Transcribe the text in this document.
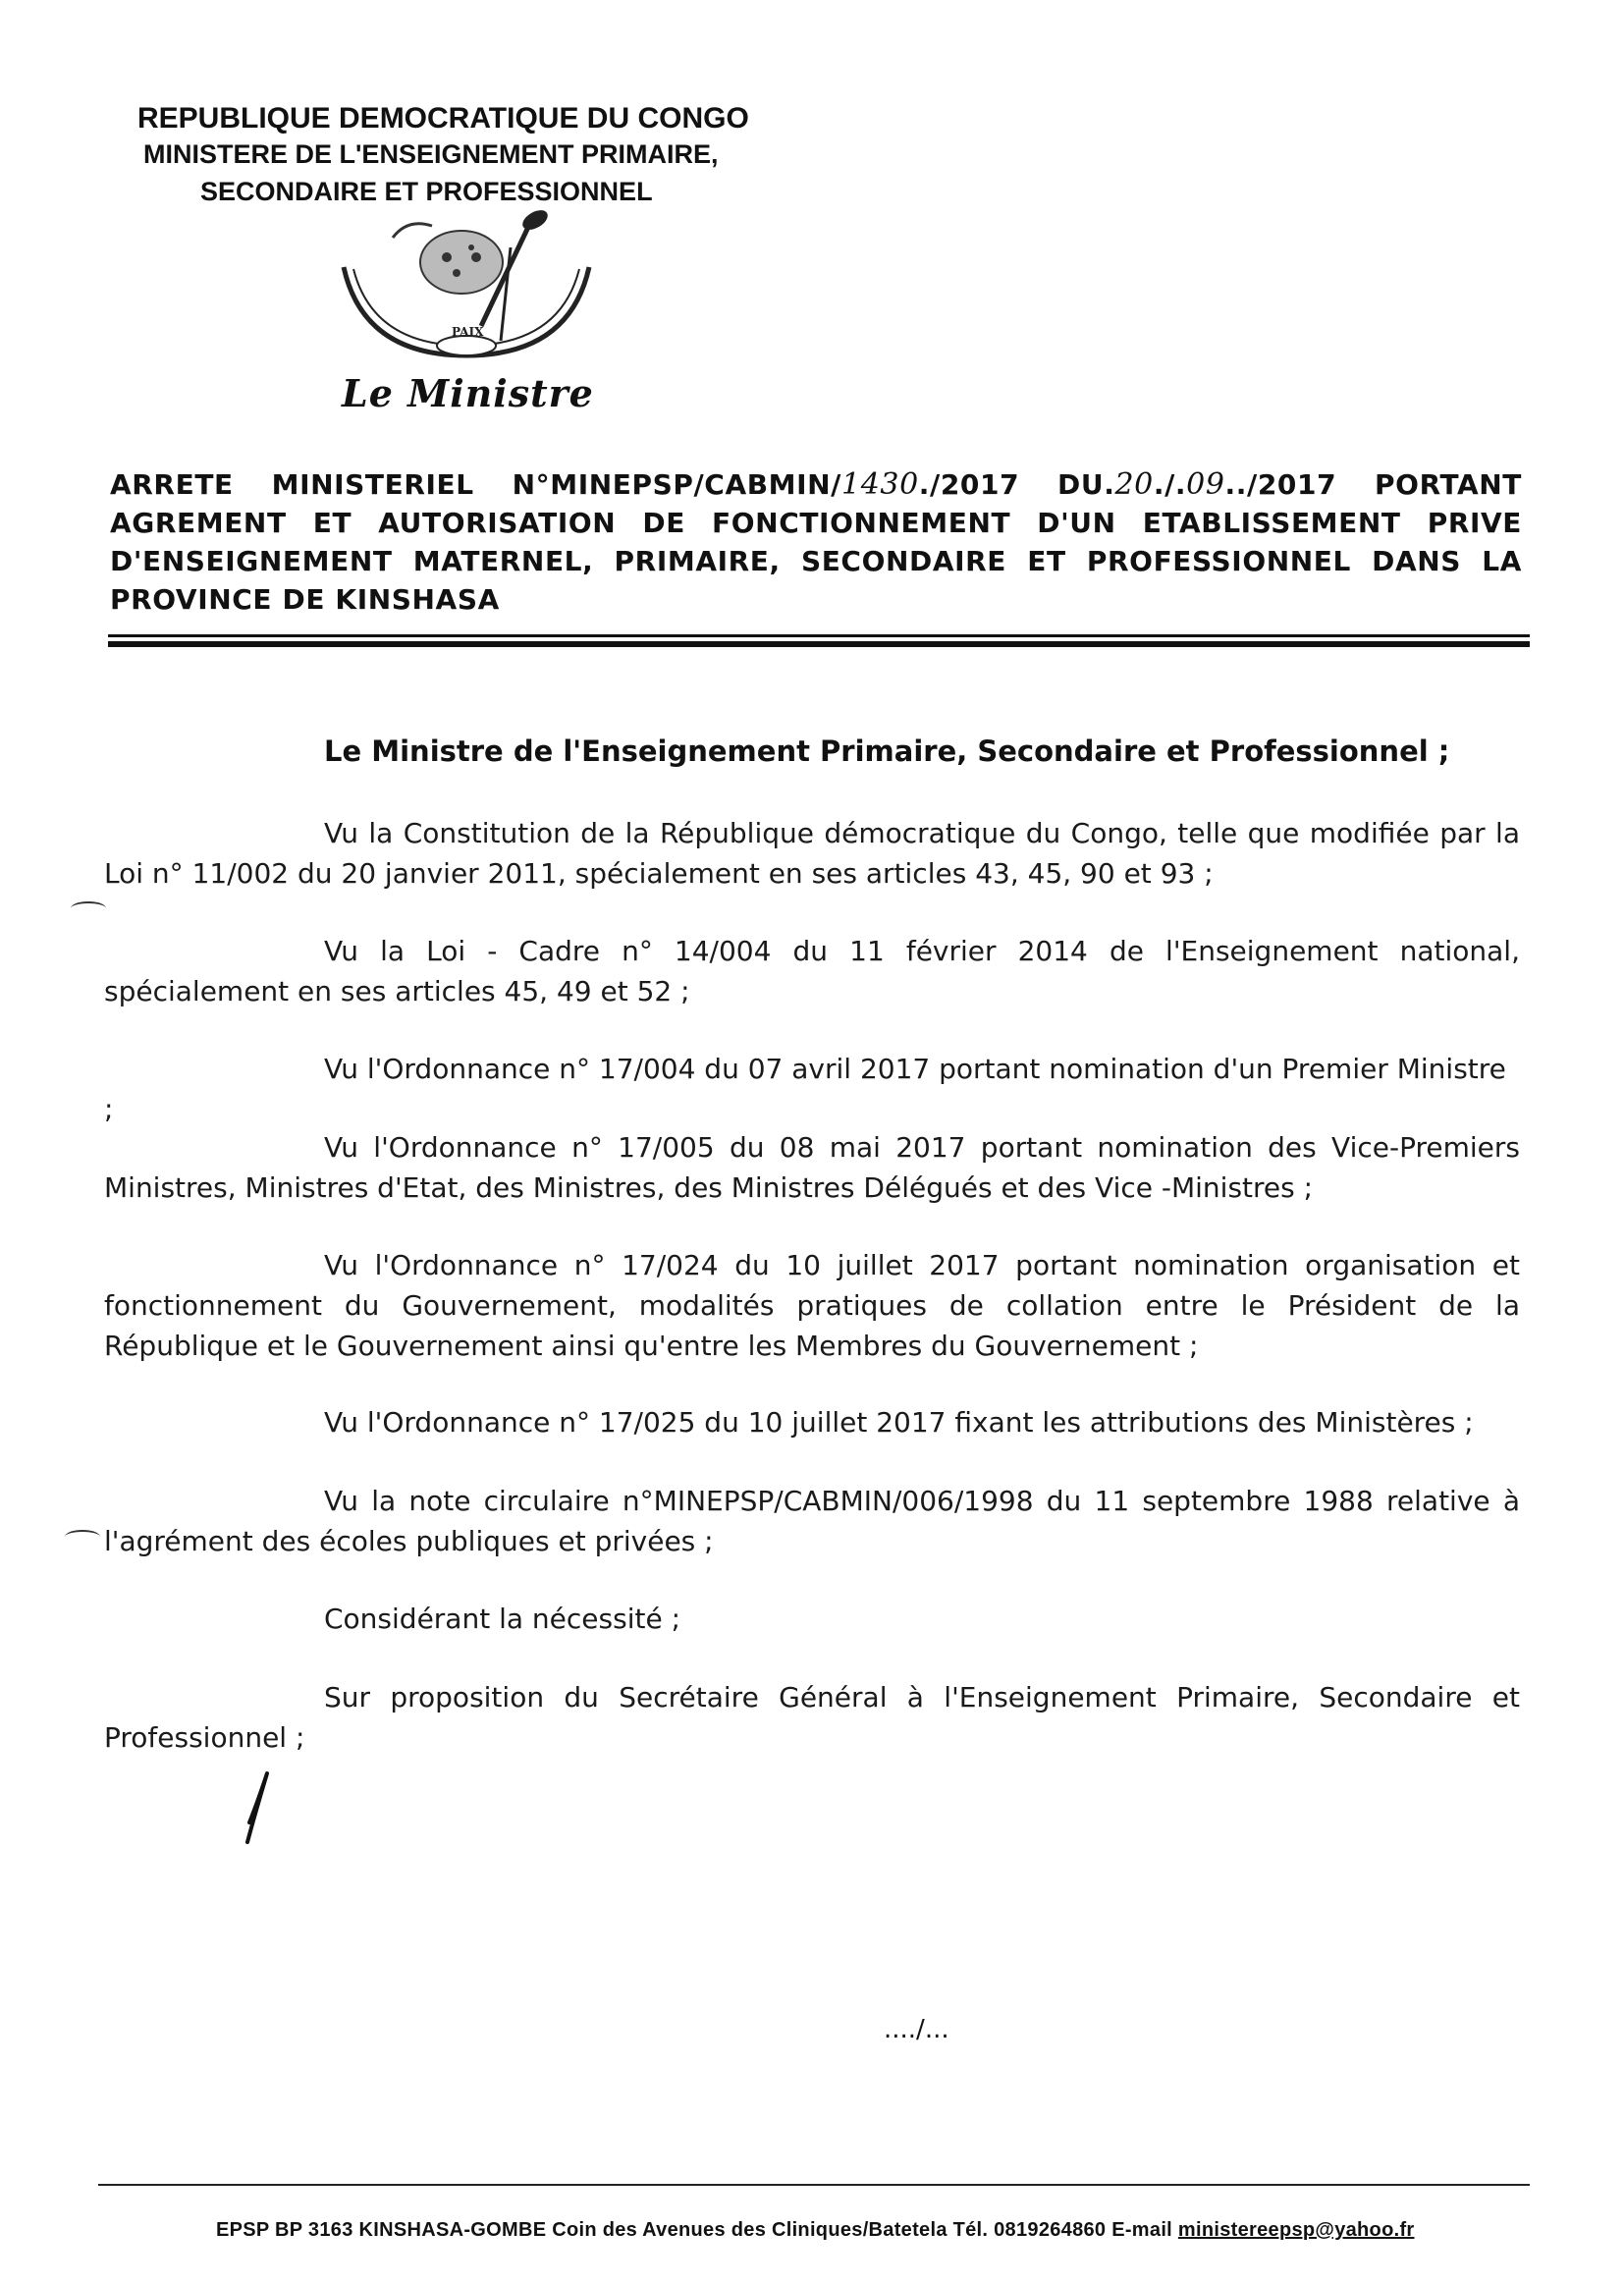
REPUBLIQUE DEMOCRATIQUE DU CONGO
MINISTERE DE L'ENSEIGNEMENT PRIMAIRE,
SECONDAIRE ET PROFESSIONNEL
PAIX
Le Ministre
ARRETE MINISTERIEL N°MINEPSP/CABMIN/1430./2017 DU.20./.09../2017 PORTANT AGREMENT ET AUTORISATION DE FONCTIONNEMENT D'UN ETABLISSEMENT PRIVE D'ENSEIGNEMENT MATERNEL, PRIMAIRE, SECONDAIRE ET PROFESSIONNEL DANS LA PROVINCE DE KINSHASA
Le Ministre de l'Enseignement Primaire, Secondaire et Professionnel ;
Vu la Constitution de la République démocratique du Congo, telle que modifiée par la Loi n° 11/002 du 20 janvier 2011, spécialement en ses articles 43, 45, 90 et 93 ;
Vu la Loi - Cadre n° 14/004 du 11 février 2014 de l'Enseignement national, spécialement en ses articles 45, 49 et 52 ;
Vu l'Ordonnance n° 17/004 du 07 avril 2017 portant nomination d'un Premier Ministre ;
Vu l'Ordonnance n° 17/005 du 08 mai 2017 portant nomination des Vice-Premiers Ministres, Ministres d'Etat, des Ministres, des Ministres Délégués et des Vice -Ministres ;
Vu l'Ordonnance n° 17/024 du 10 juillet 2017 portant nomination organisation et fonctionnement du Gouvernement, modalités pratiques de collation entre le Président de la République et le Gouvernement ainsi qu'entre les Membres du Gouvernement ;
Vu l'Ordonnance n° 17/025 du 10 juillet 2017 fixant les attributions des Ministères ;
Vu la note circulaire n°MINEPSP/CABMIN/006/1998 du 11 septembre 1988 relative à l'agrément des écoles publiques et privées ;
Considérant la nécessité ;
Sur proposition du Secrétaire Général à l'Enseignement Primaire, Secondaire et Professionnel ;
..../...
EPSP BP 3163 KINSHASA-GOMBE Coin des Avenues des Cliniques/Batetela Tél. 0819264860 E-mail ministereepsp@yahoo.fr
